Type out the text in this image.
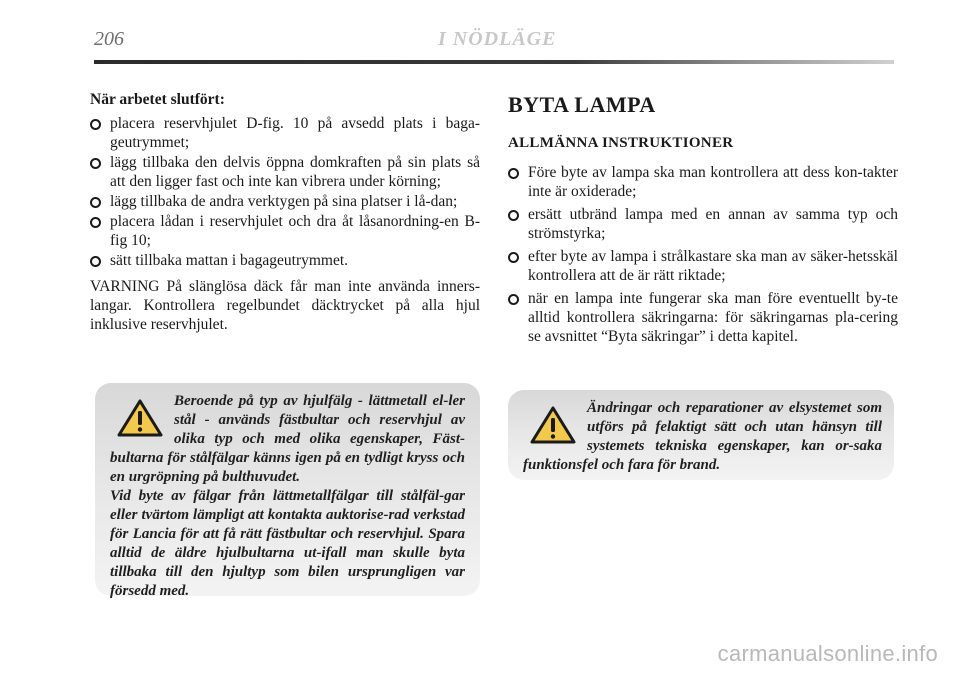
206	I NÖDLÄGE

När arbetet slutfört:

placera reservhjulet D-fig. 10 på avsedd plats i baga-geutrymmet;
lägg tillbaka den delvis öppna domkraften på sin plats så att den ligger fast och inte kan vibrera under körning;
lägg tillbaka de andra verktygen på sina platser i lå-dan;
placera lådan i reservhjulet och dra åt låsanordning-en B-fig 10;
sätt tillbaka mattan i bagageutrymmet.

VARNING På slänglösa däck får man inte använda inners-langar. Kontrollera regelbundet däcktrycket på alla hjul inklusive reservhjulet.

BYTA LAMPA
ALLMÄNNA INSTRUKTIONER
Före byte av lampa ska man kontrollera att dess kon-takter inte är oxiderade;
ersätt utbränd lampa med en annan av samma typ och strömstyrka;
efter byte av lampa i strålkastare ska man av säker-hetsskäl kontrollera att de är rätt riktade;
när en lampa inte fungerar ska man före eventuellt by-te alltid kontrollera säkringarna: för säkringarnas pla-cering se avsnittet “Byta säkringar” i detta kapitel.

Beroende på typ av hjulfälg - lättmetall el-ler stål - används fästbultar och reservhjul av olika typ och med olika egenskaper, Fäst-bultarna för stålfälgar känns igen på en tydligt kryss och en urgröpning på bulthuvudet.

Vid byte av fälgar från lättmetallfälgar till stålfäl-gar eller tvärtom lämpligt att kontakta auktorise-rad verkstad för Lancia för att få rätt fästbultar och reservhjul. Spara alltid de äldre hjulbultarna ut-ifall man skulle byta tillbaka till den hjultyp som bilen ursprungligen var försedd med.

Ändringar och reparationer av elsystemet som utförs på felaktigt sätt och utan hänsyn till systemets tekniska egenskaper, kan or-saka funktionsfel och fara för brand.

carmanualsonline.info
